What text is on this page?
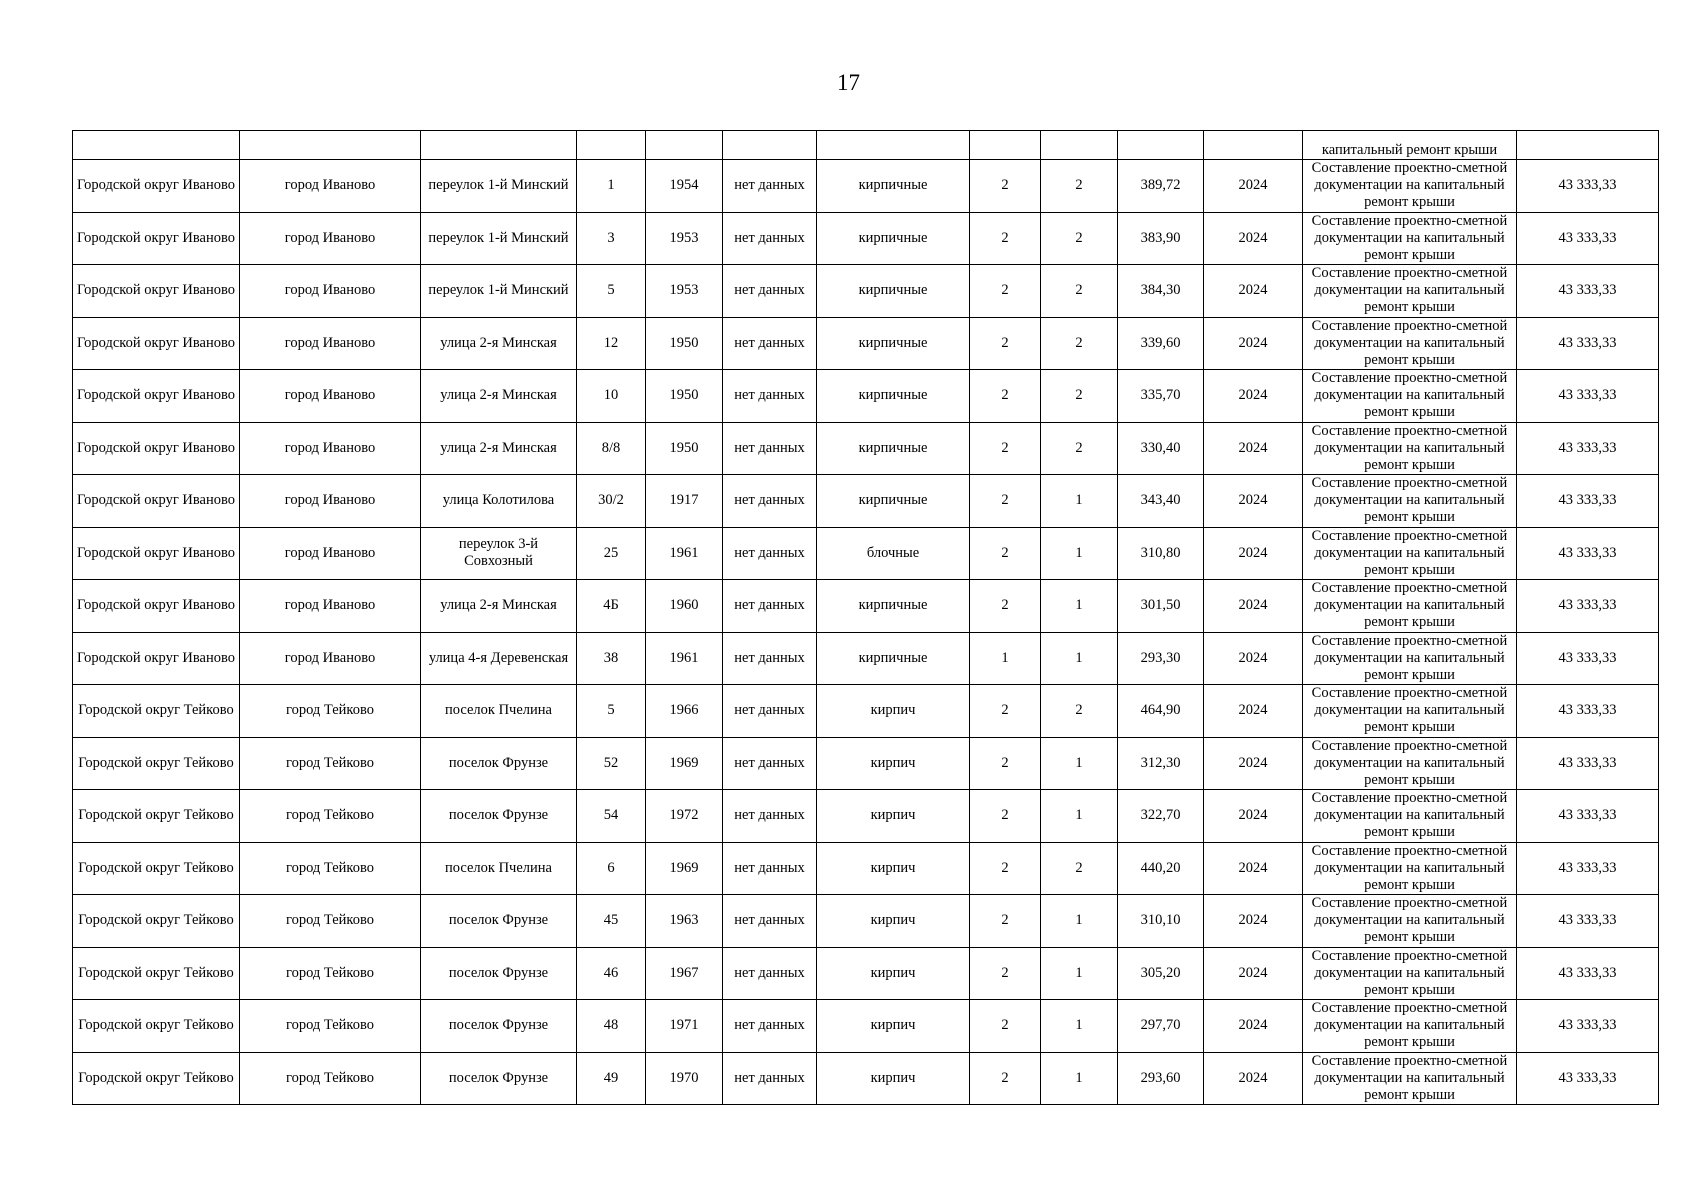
17
											капитальный ремонт крыши	
Городской округ Иваново	город Иваново	переулок 1-й Минский	1	1954	нет данных	кирпичные	2	2	389,72	2024	Составление проектно-сметной документации на капитальный ремонт крыши	43 333,33
Городской округ Иваново	город Иваново	переулок 1-й Минский	3	1953	нет данных	кирпичные	2	2	383,90	2024	Составление проектно-сметной документации на капитальный ремонт крыши	43 333,33
Городской округ Иваново	город Иваново	переулок 1-й Минский	5	1953	нет данных	кирпичные	2	2	384,30	2024	Составление проектно-сметной документации на капитальный ремонт крыши	43 333,33
Городской округ Иваново	город Иваново	улица 2-я Минская	12	1950	нет данных	кирпичные	2	2	339,60	2024	Составление проектно-сметной документации на капитальный ремонт крыши	43 333,33
Городской округ Иваново	город Иваново	улица 2-я Минская	10	1950	нет данных	кирпичные	2	2	335,70	2024	Составление проектно-сметной документации на капитальный ремонт крыши	43 333,33
Городской округ Иваново	город Иваново	улица 2-я Минская	8/8	1950	нет данных	кирпичные	2	2	330,40	2024	Составление проектно-сметной документации на капитальный ремонт крыши	43 333,33
Городской округ Иваново	город Иваново	улица Колотилова	30/2	1917	нет данных	кирпичные	2	1	343,40	2024	Составление проектно-сметной документации на капитальный ремонт крыши	43 333,33
Городской округ Иваново	город Иваново	переулок 3-й Совхозный	25	1961	нет данных	блочные	2	1	310,80	2024	Составление проектно-сметной документации на капитальный ремонт крыши	43 333,33
Городской округ Иваново	город Иваново	улица 2-я Минская	4Б	1960	нет данных	кирпичные	2	1	301,50	2024	Составление проектно-сметной документации на капитальный ремонт крыши	43 333,33
Городской округ Иваново	город Иваново	улица 4-я Деревенская	38	1961	нет данных	кирпичные	1	1	293,30	2024	Составление проектно-сметной документации на капитальный ремонт крыши	43 333,33
Городской округ Тейково	город Тейково	поселок Пчелина	5	1966	нет данных	кирпич	2	2	464,90	2024	Составление проектно-сметной документации на капитальный ремонт крыши	43 333,33
Городской округ Тейково	город Тейково	поселок Фрунзе	52	1969	нет данных	кирпич	2	1	312,30	2024	Составление проектно-сметной документации на капитальный ремонт крыши	43 333,33
Городской округ Тейково	город Тейково	поселок Фрунзе	54	1972	нет данных	кирпич	2	1	322,70	2024	Составление проектно-сметной документации на капитальный ремонт крыши	43 333,33
Городской округ Тейково	город Тейково	поселок Пчелина	6	1969	нет данных	кирпич	2	2	440,20	2024	Составление проектно-сметной документации на капитальный ремонт крыши	43 333,33
Городской округ Тейково	город Тейково	поселок Фрунзе	45	1963	нет данных	кирпич	2	1	310,10	2024	Составление проектно-сметной документации на капитальный ремонт крыши	43 333,33
Городской округ Тейково	город Тейково	поселок Фрунзе	46	1967	нет данных	кирпич	2	1	305,20	2024	Составление проектно-сметной документации на капитальный ремонт крыши	43 333,33
Городской округ Тейково	город Тейково	поселок Фрунзе	48	1971	нет данных	кирпич	2	1	297,70	2024	Составление проектно-сметной документации на капитальный ремонт крыши	43 333,33
Городской округ Тейково	город Тейково	поселок Фрунзе	49	1970	нет данных	кирпич	2	1	293,60	2024	Составление проектно-сметной документации на капитальный ремонт крыши	43 333,33
